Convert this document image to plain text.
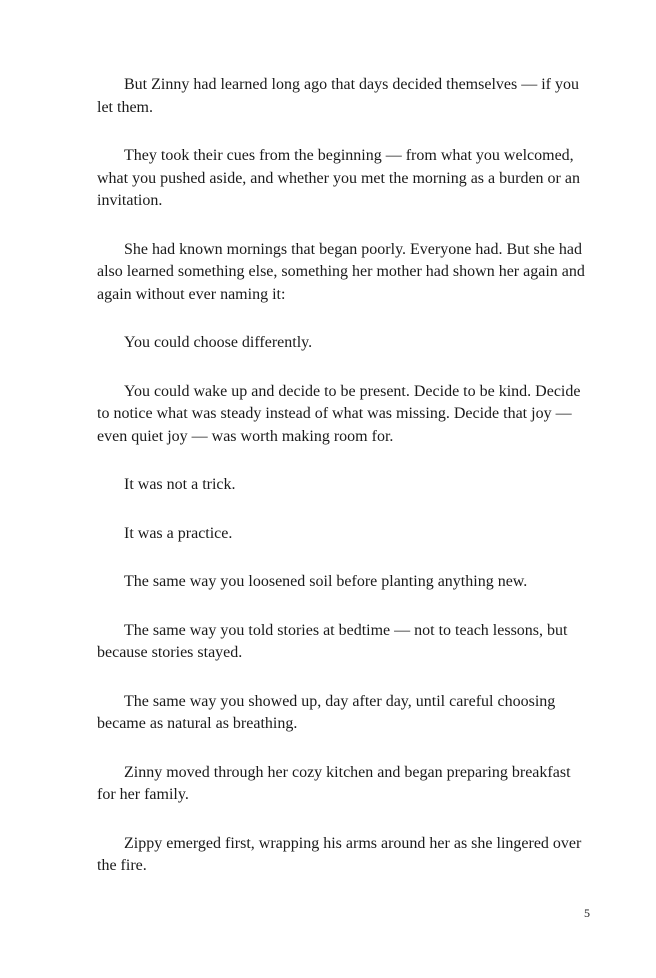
But Zinny had learned long ago that days decided themselves — if you let them.

They took their cues from the beginning — from what you welcomed, what you pushed aside, and whether you met the morning as a burden or an invitation.

She had known mornings that began poorly. Everyone had. But she had also learned something else, something her mother had shown her again and again without ever naming it:

You could choose differently.

You could wake up and decide to be present. Decide to be kind. Decide to notice what was steady instead of what was missing. Decide that joy — even quiet joy — was worth making room for.

It was not a trick.

It was a practice.

The same way you loosened soil before planting anything new.

The same way you told stories at bedtime — not to teach lessons, but because stories stayed.

The same way you showed up, day after day, until careful choosing became as natural as breathing.

Zinny moved through her cozy kitchen and began preparing breakfast for her family.

Zippy emerged first, wrapping his arms around her as she lingered over the fire.

5
